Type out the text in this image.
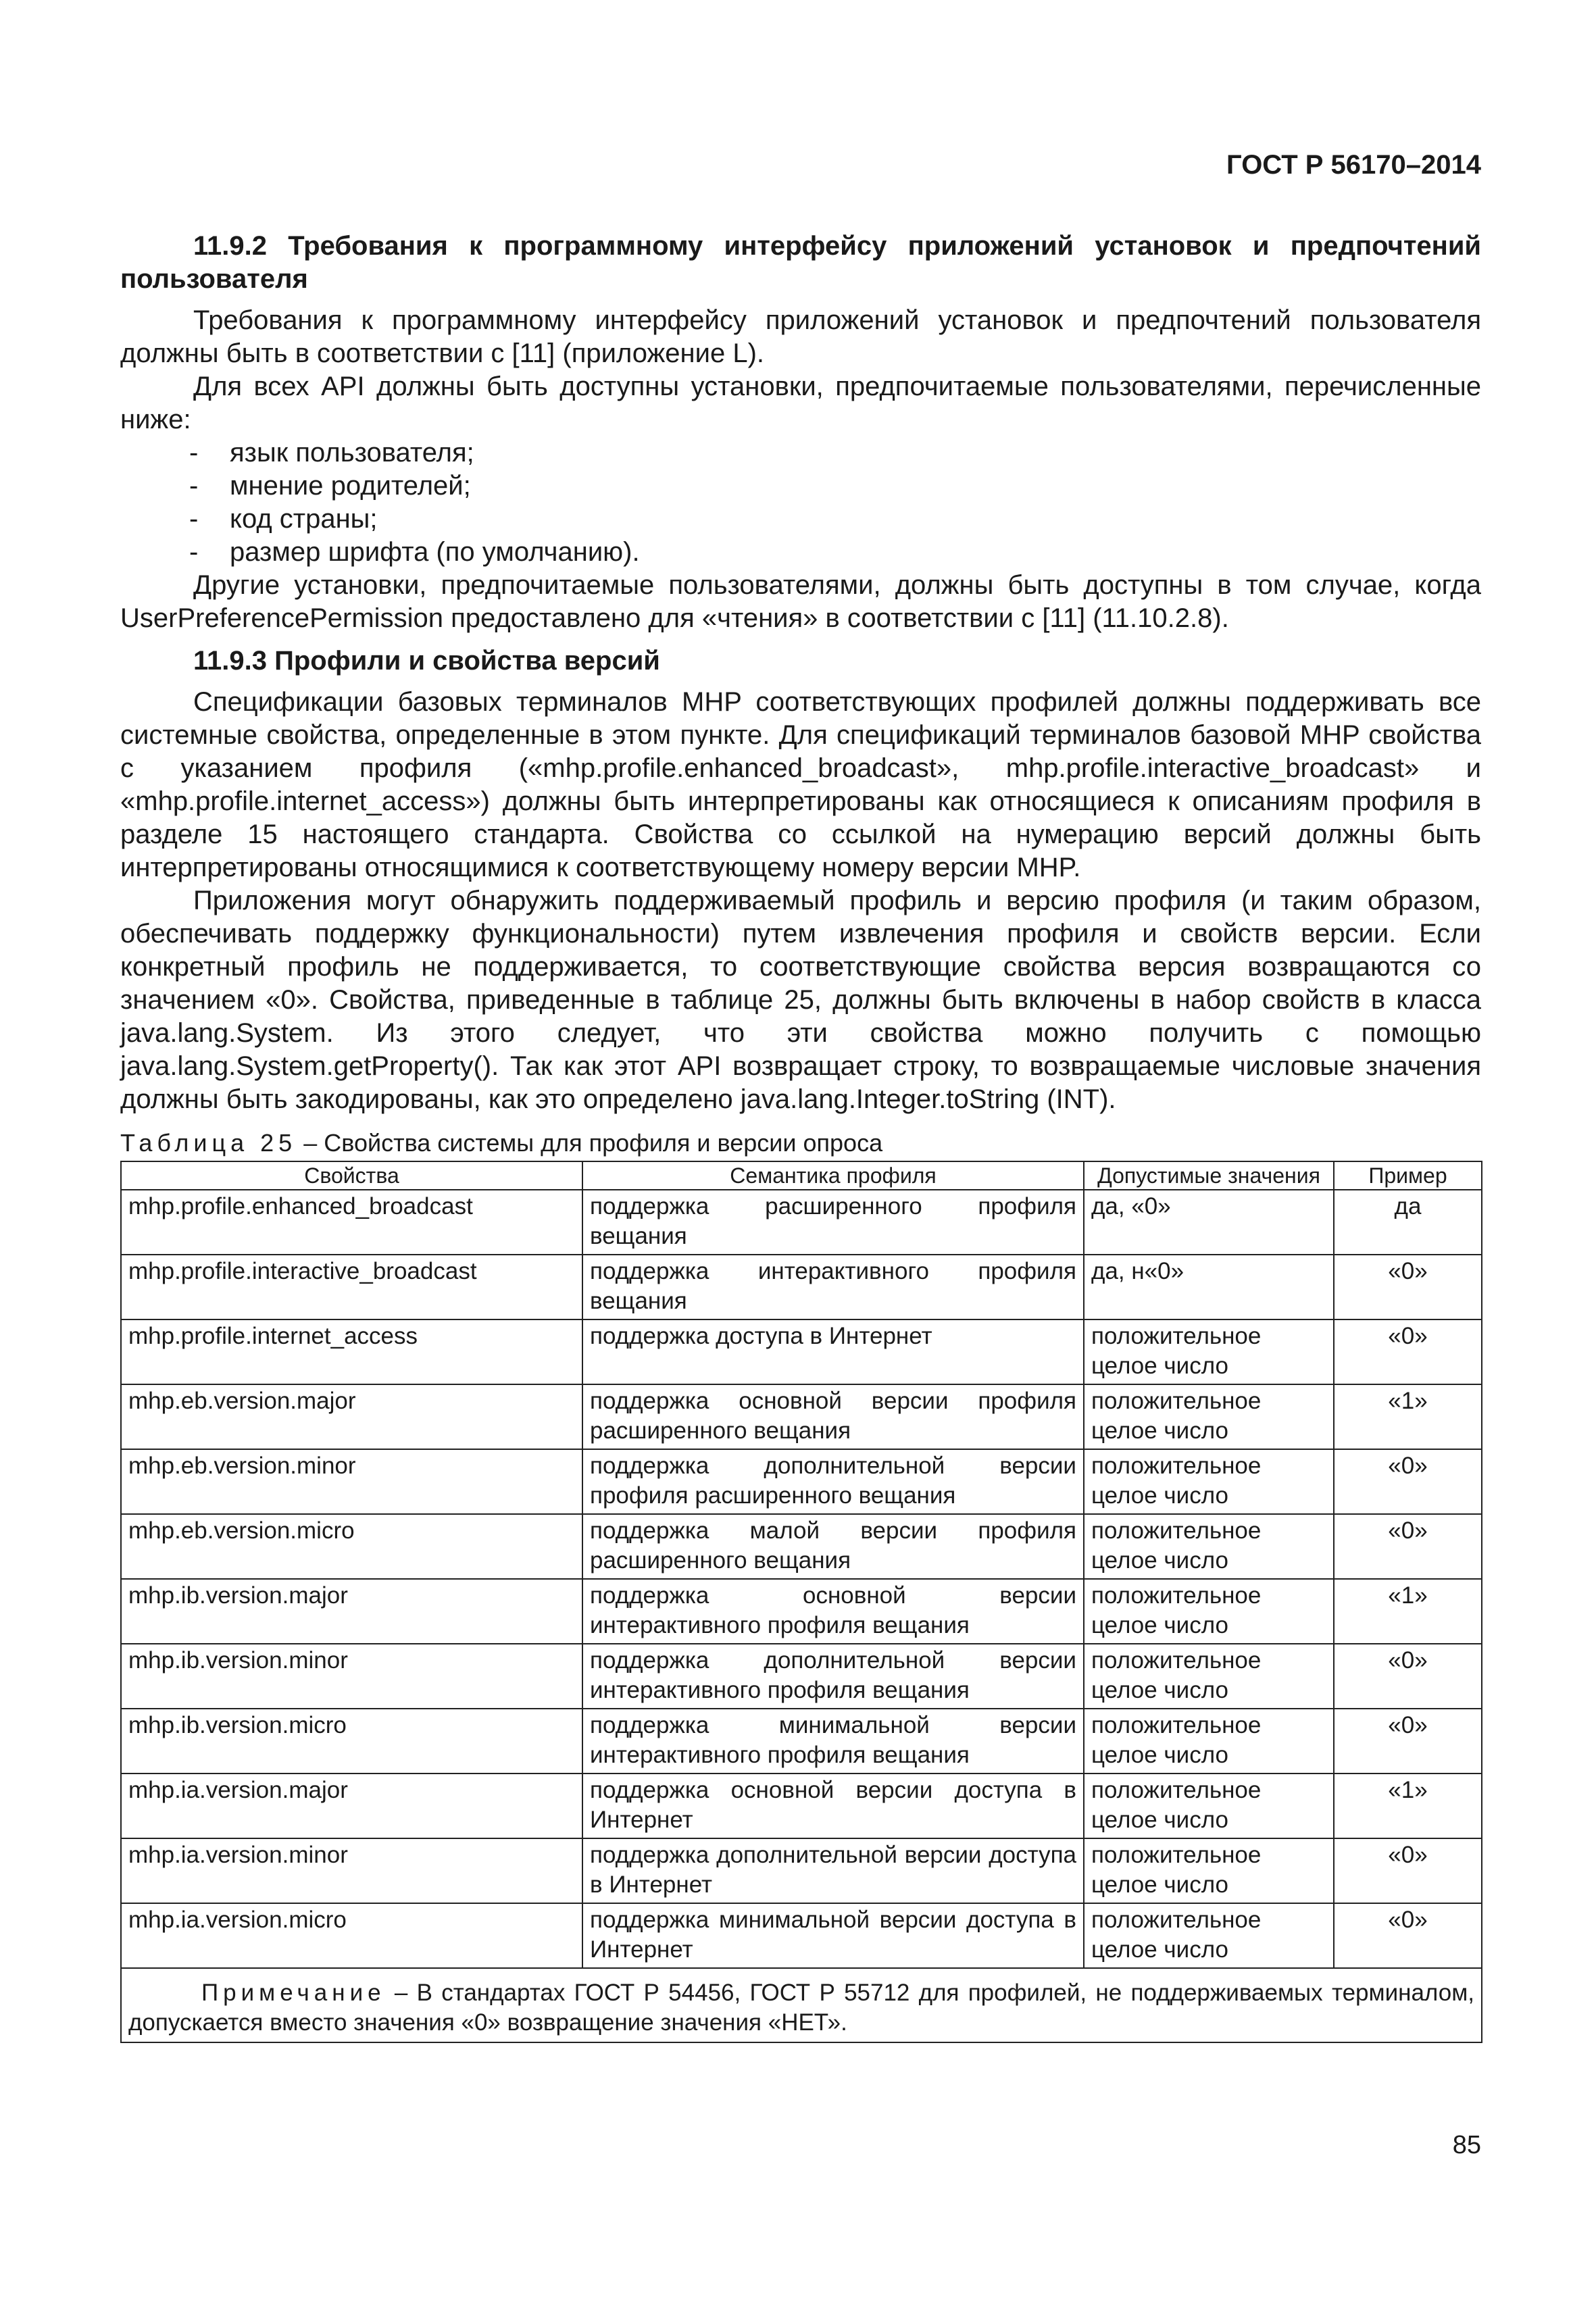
ГОСТ Р 56170–2014
11.9.2 Требования к программному интерфейсу приложений установок и предпочтений пользователя

Требования к программному интерфейсу приложений установок и предпочтений пользователя должны быть в соответствии с [11] (приложение L).

Для всех API должны быть доступны установки, предпочитаемые пользователями, перечисленные ниже:

- язык пользователя;
- мнение родителей;
- код страны;
- размер шрифта (по умолчанию).

Другие установки, предпочитаемые пользователями, должны быть доступны в том случае, когда UserPreferencePermission предоставлено для «чтения» в соответствии с [11] (11.10.2.8).

11.9.3 Профили и свойства версий

Спецификации базовых терминалов MHP соответствующих профилей должны поддерживать все системные свойства, определенные в этом пункте. Для спецификаций терминалов базовой MHP свойства с указанием профиля («mhp.profile.enhanced_broadcast», mhp.profile.interactive_broadcast» и «mhp.profile.internet_access») должны быть интерпретированы как относящиеся к описаниям профиля в разделе 15 настоящего стандарта. Свойства со ссылкой на нумерацию версий должны быть интерпретированы относящимися к соответствующему номеру версии MHP.

Приложения могут обнаружить поддерживаемый профиль и версию профиля (и таким образом, обеспечивать поддержку функциональности) путем извлечения профиля и свойств версии. Если конкретный профиль не поддерживается, то соответствующие свойства версия возвращаются со значением «0». Свойства, приведенные в таблице 25, должны быть включены в набор свойств в класса java.lang.System. Из этого следует, что эти свойства можно получить с помощью java.lang.System.getProperty(). Так как этот API возвращает строку, то возвращаемые числовые значения должны быть закодированы, как это определено java.lang.Integer.toString (INT).

Таблица 25 – Свойства системы для профиля и версии опроса
Свойства	Семантика профиля	Допустимые значения	Пример
mhp.profile.enhanced_broadcast	поддержка расширенного профиля вещания	да, «0»	да
mhp.profile.interactive_broadcast	поддержка интерактивного профиля вещания	да, н«0»	«0»
mhp.profile.internet_access	поддержка доступа в Интернет	положительное целое число	«0»
mhp.eb.version.major	поддержка основной версии профиля расширенного вещания	положительное целое число	«1»
mhp.eb.version.minor	поддержка дополнительной версии профиля расширенного вещания	положительное целое число	«0»
mhp.eb.version.micro	поддержка малой версии профиля расширенного вещания	положительное целое число	«0»
mhp.ib.version.major	поддержка основной версии интерактивного профиля вещания	положительное целое число	«1»
mhp.ib.version.minor	поддержка дополнительной версии интерактивного профиля вещания	положительное целое число	«0»
mhp.ib.version.micro	поддержка минимальной версии интерактивного профиля вещания	положительное целое число	«0»
mhp.ia.version.major	поддержка основной версии доступа в Интернет	положительное целое число	«1»
mhp.ia.version.minor	поддержка дополнительной версии доступа в Интернет	положительное целое число	«0»
mhp.ia.version.micro	поддержка минимальной версии доступа в Интернет	положительное целое число	«0»
Примечание – В стандартах ГОСТ Р 54456, ГОСТ Р 55712 для профилей, не поддерживаемых терминалом, допускается вместо значения «0» возвращение значения «НЕТ».			
85
